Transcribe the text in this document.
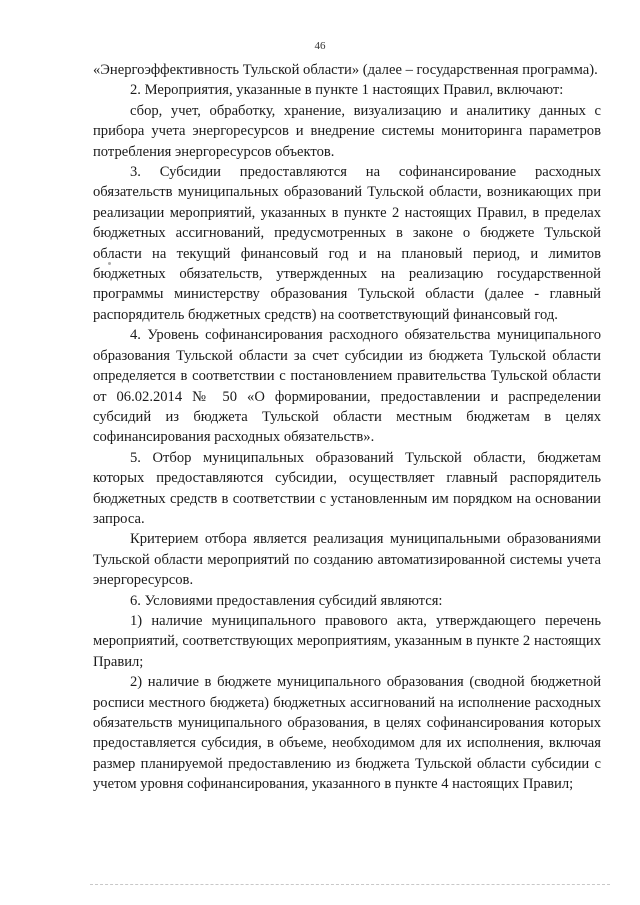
46

«Энергоэффективность Тульской области» (далее – государственная программа).

2. Мероприятия, указанные в пункте 1 настоящих Правил, включают:

сбор, учет, обработку, хранение, визуализацию и аналитику данных с прибора учета энергоресурсов и внедрение системы мониторинга параметров потребления энергоресурсов объектов.

3. Субсидии предоставляются на софинансирование расходных обязательств муниципальных образований Тульской области, возникающих при реализации мероприятий, указанных в пункте 2 настоящих Правил, в пределах бюджетных ассигнований, предусмотренных в законе о бюджете Тульской области на текущий финансовый год и на плановый период, и лимитов бюджетных обязательств, утвержденных на реализацию государственной программы министерству образования Тульской области (далее - главный распорядитель бюджетных средств) на соответствующий финансовый год.

4. Уровень софинансирования расходного обязательства муниципального образования Тульской области за счет субсидии из бюджета Тульской области определяется в соответствии с постановлением правительства Тульской области от 06.02.2014 № 50 «О формировании, предоставлении и распределении субсидий из бюджета Тульской области местным бюджетам в целях софинансирования расходных обязательств».

5. Отбор муниципальных образований Тульской области, бюджетам которых предоставляются субсидии, осуществляет главный распорядитель бюджетных средств в соответствии с установленным им порядком на основании запроса.

Критерием отбора является реализация муниципальными образованиями Тульской области мероприятий по созданию автоматизированной системы учета энергоресурсов.

6. Условиями предоставления субсидий являются:

1) наличие муниципального правового акта, утверждающего перечень мероприятий, соответствующих мероприятиям, указанным в пункте 2 настоящих Правил;

2) наличие в бюджете муниципального образования (сводной бюджетной росписи местного бюджета) бюджетных ассигнований на исполнение расходных обязательств муниципального образования, в целях софинансирования которых предоставляется субсидия, в объеме, необходимом для их исполнения, включая размер планируемой предоставлению из бюджета Тульской области субсидии с учетом уровня софинансирования, указанного в пункте 4 настоящих Правил;
